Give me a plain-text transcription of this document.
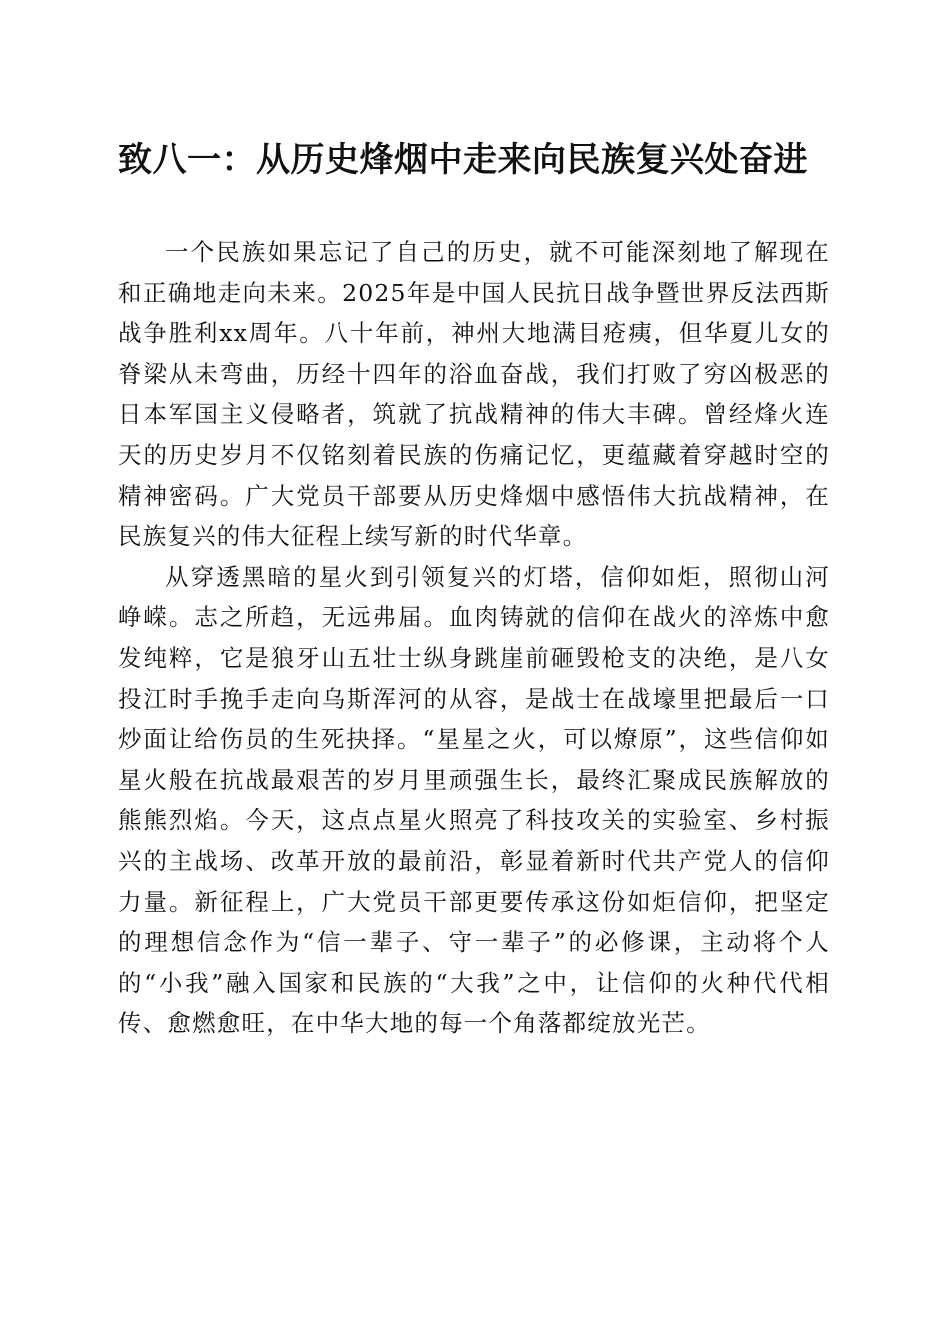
致八一：从历史烽烟中走来向民族复兴处奋进

一个民族如果忘记了自己的历史，就不可能深刻地了解现在和正确地走向未来。2025年是中国人民抗日战争暨世界反法西斯战争胜利xx周年。八十年前，神州大地满目疮痍，但华夏儿女的脊梁从未弯曲，历经十四年的浴血奋战，我们打败了穷凶极恶的日本军国主义侵略者，筑就了抗战精神的伟大丰碑。曾经烽火连天的历史岁月不仅铭刻着民族的伤痛记忆，更蕴藏着穿越时空的精神密码。广大党员干部要从历史烽烟中感悟伟大抗战精神，在民族复兴的伟大征程上续写新的时代华章。

从穿透黑暗的星火到引领复兴的灯塔，信仰如炬，照彻山河峥嵘。志之所趋，无远弗届。血肉铸就的信仰在战火的淬炼中愈发纯粹，它是狼牙山五壮士纵身跳崖前砸毁枪支的决绝，是八女投江时手挽手走向乌斯浑河的从容，是战士在战壕里把最后一口炒面让给伤员的生死抉择。“星星之火，可以燎原”，这些信仰如星火般在抗战最艰苦的岁月里顽强生长，最终汇聚成民族解放的熊熊烈焰。今天，这点点星火照亮了科技攻关的实验室、乡村振兴的主战场、改革开放的最前沿，彰显着新时代共产党人的信仰力量。新征程上，广大党员干部更要传承这份如炬信仰，把坚定的理想信念作为“信一辈子、守一辈子”的必修课，主动将个人的“小我”融入国家和民族的“大我”之中，让信仰的火种代代相传、愈燃愈旺，在中华大地的每一个角落都绽放光芒。
